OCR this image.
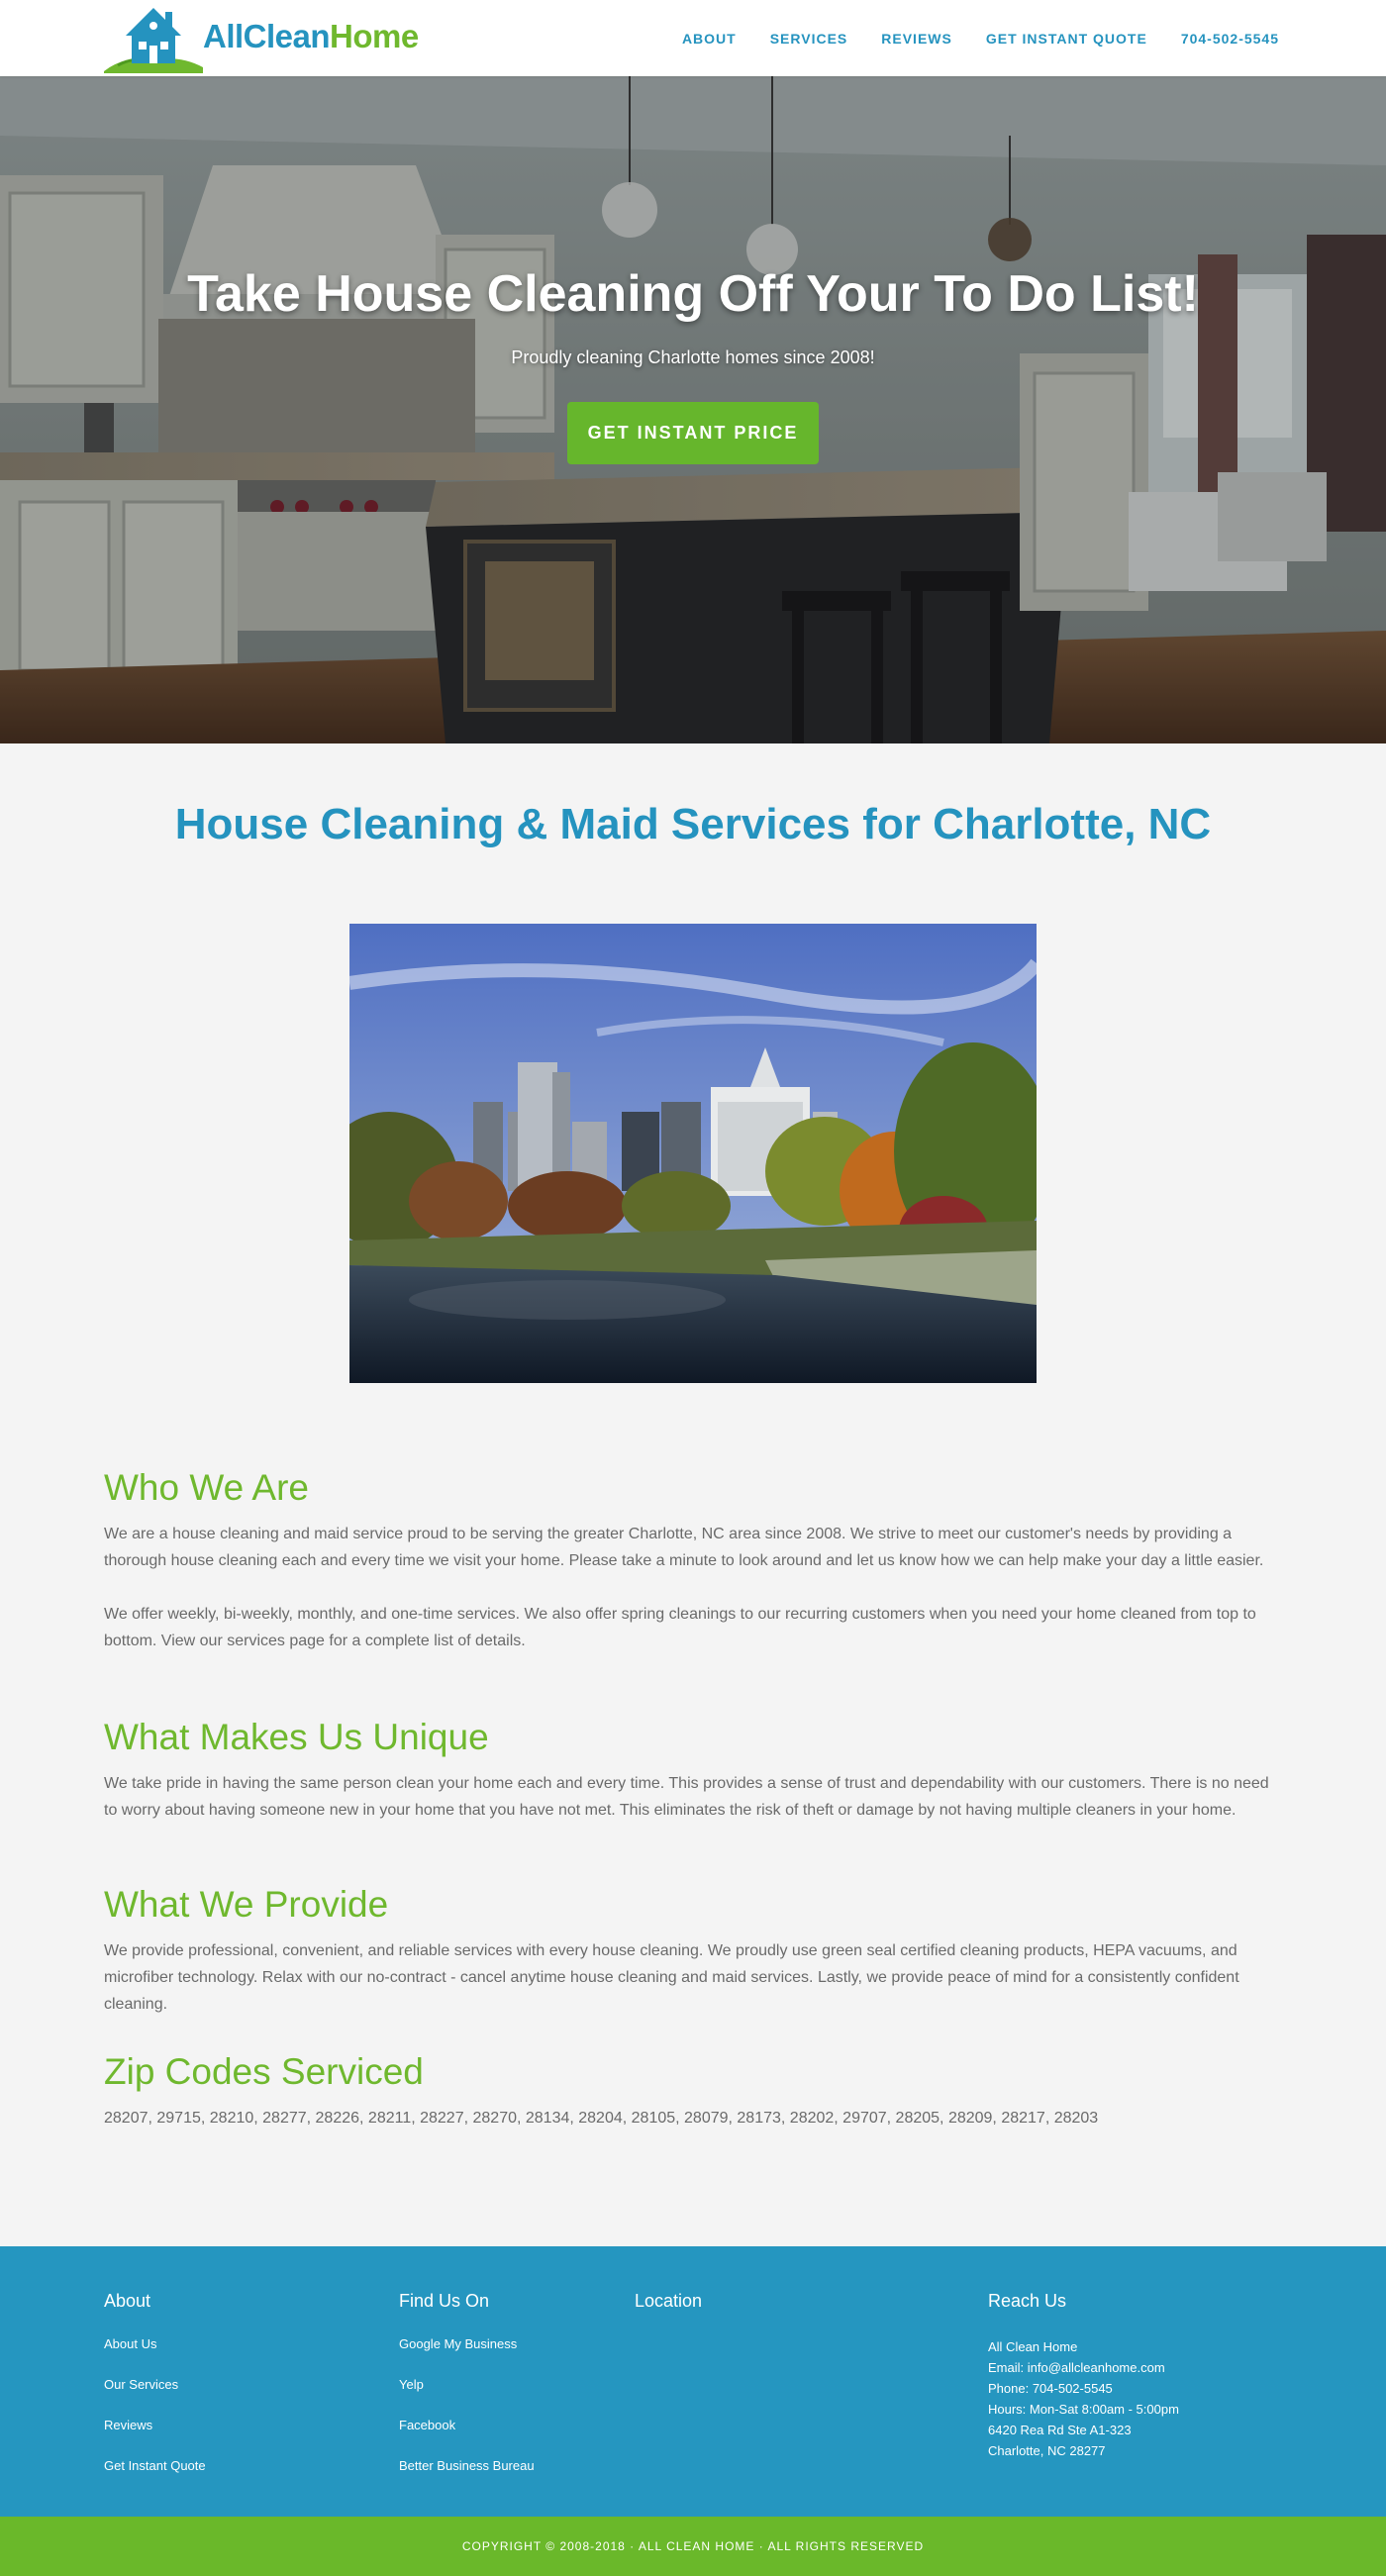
AllCleanHome	ABOUT SERVICES REVIEWS GET INSTANT QUOTE 704-502-5545
Take House Cleaning Off Your To Do List!
Proudly cleaning Charlotte homes since 2008!
GET INSTANT PRICE
House Cleaning & Maid Services for Charlotte, NC
Who We Are

We are a house cleaning and maid service proud to be serving the greater Charlotte, NC area since 2008. We strive to meet our customer's needs by providing a thorough house cleaning each and every time we visit your home. Please take a minute to look around and let us know how we can help make your day a little easier.

We offer weekly, bi-weekly, monthly, and one-time services. We also offer spring cleanings to our recurring customers when you need your home cleaned from top to bottom. View our services page for a complete list of details.

What Makes Us Unique

We take pride in having the same person clean your home each and every time. This provides a sense of trust and dependability with our customers. There is no need to worry about having someone new in your home that you have not met. This eliminates the risk of theft or damage by not having multiple cleaners in your home.

What We Provide

We provide professional, convenient, and reliable services with every house cleaning. We proudly use green seal certified cleaning products, HEPA vacuums, and microfiber technology. Relax with our no-contract - cancel anytime house cleaning and maid services. Lastly, we provide peace of mind for a consistently confident cleaning.

Zip Codes Serviced

28207, 29715, 28210, 28277, 28226, 28211, 28227, 28270, 28134, 28204, 28105, 28079, 28173, 28202, 29707, 28205, 28209, 28217, 28203

About
About Us
Our Services
Reviews
Get Instant Quote
Find Us On
Google My Business
Yelp
Facebook
Better Business Bureau
Location	Reach Us
All Clean Home
Email: info@allcleanhome.com
Phone: 704-502-5545
Hours: Mon-Sat 8:00am - 5:00pm
6420 Rea Rd Ste A1-323
Charlotte, NC 28277
COPYRIGHT © 2008-2018 · ALL CLEAN HOME · ALL RIGHTS RESERVED
